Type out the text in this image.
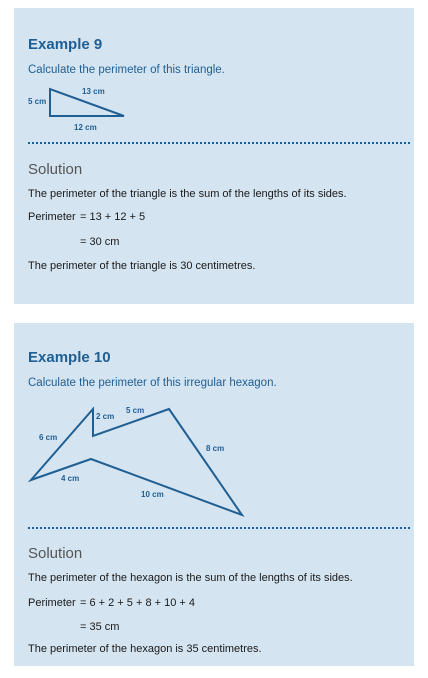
Example 9
Calculate the perimeter of this triangle.
5 cm
13 cm
12 cm
Solution
The perimeter of the triangle is the sum of the lengths of its sides.
Perimeter = 13 + 12 + 5
= 30 cm
The perimeter of the triangle is 30 centimetres.
Example 10
Calculate the perimeter of this irregular hexagon.
6 cm
2 cm
5 cm
8 cm
10 cm
4 cm
Solution
The perimeter of the hexagon is the sum of the lengths of its sides.
Perimeter = 6 + 2 + 5 + 8 + 10 + 4
= 35 cm
The perimeter of the hexagon is 35 centimetres.
